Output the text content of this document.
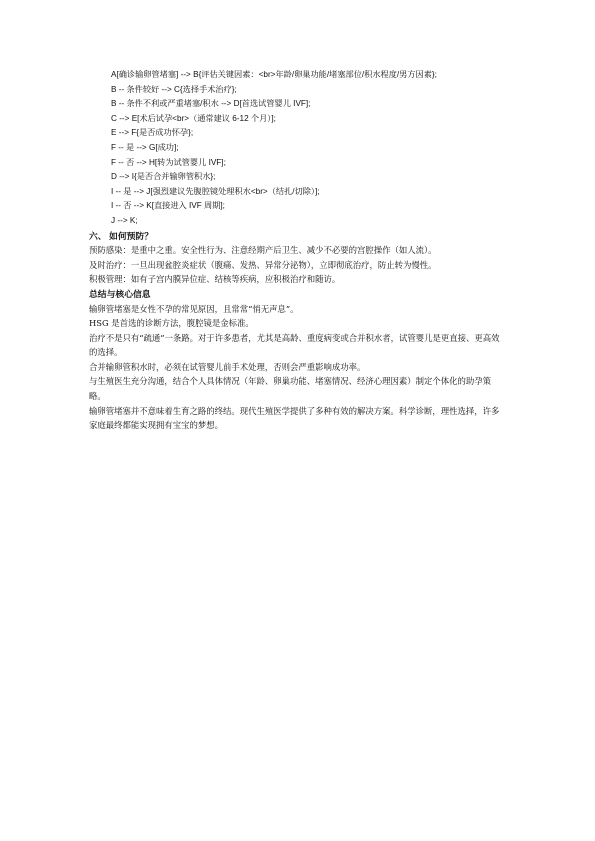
A[确诊输卵管堵塞] --> B{评估关键因素：<br>年龄/卵巢功能/堵塞部位/积水程度/男方因素};
B -- 条件较好 --> C{选择手术治疗};
B -- 条件不利或严重堵塞/积水 --> D[首选试管婴儿 IVF];
C --> E[术后试孕<br>（通常建议 6-12 个月）];
E --> F{是否成功怀孕};
F -- 是 --> G[成功];
F -- 否 --> H[转为试管婴儿 IVF];
D --> I{是否合并输卵管积水};
I -- 是 --> J[强烈建议先腹腔镜处理积水<br>（结扎/切除）];
I -- 否 --> K[直接进入 IVF 周期];
J --> K;
六、 如何预防？
预防感染：是重中之重。安全性行为、注意经期产后卫生、减少不必要的宫腔操作（如人流）。
及时治疗：一旦出现盆腔炎症状（腹痛、发热、异常分泌物），立即彻底治疗，防止转为慢性。
积极管理：如有子宫内膜异位症、结核等疾病，应积极治疗和随访。
总结与核心信息
输卵管堵塞是女性不孕的常见原因，且常常“悄无声息”。
HSG 是首选的诊断方法，腹腔镜是金标准。
治疗不是只有“疏通”一条路。对于许多患者，尤其是高龄、重度病变或合并积水者，试管婴儿是更直接、更高效的选择。
合并输卵管积水时，必须在试管婴儿前手术处理，否则会严重影响成功率。
与生殖医生充分沟通，结合个人具体情况（年龄、卵巢功能、堵塞情况、经济心理因素）制定个体化的助孕策略。
输卵管堵塞并不意味着生育之路的终结。现代生殖医学提供了多种有效的解决方案。科学诊断，理性选择，许多家庭最终都能实现拥有宝宝的梦想。
